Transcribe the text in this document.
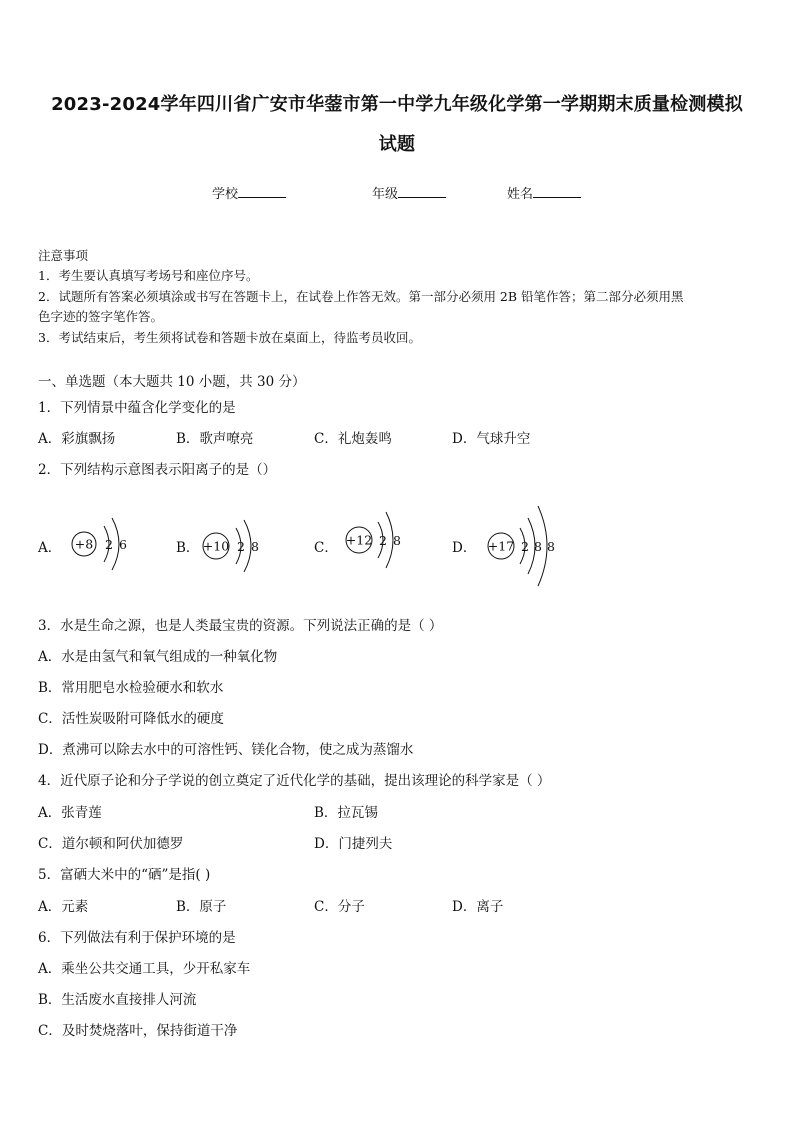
2023-2024学年四川省广安市华蓥市第一中学九年级化学第一学期期末质量检测模拟
试题
学校	年级	姓名
注意事项
1．考生要认真填写考场号和座位序号。
2．试题所有答案必须填涂或书写在答题卡上，在试卷上作答无效。第一部分必须用 2B 铅笔作答；第二部分必须用黑
色字迹的签字笔作答。
3．考试结束后，考生须将试卷和答题卡放在桌面上，待监考员收回。
一、单选题（本大题共 10 小题，共 30 分）
1．下列情景中蕴含化学变化的是
A．彩旗飘扬	B．歌声嘹亮	C．礼炮轰鸣	D．气球升空
2．下列结构示意图表示阳离子的是（）
A．	B．	C．	D．
+8 2 6	+10 2 8	+12 2 8	+17 2 8 8
3．水是生命之源，也是人类最宝贵的资源。下列说法正确的是（ ）
A．水是由氢气和氧气组成的一种氧化物
B．常用肥皂水检验硬水和软水
C．活性炭吸附可降低水的硬度
D．煮沸可以除去水中的可溶性钙、镁化合物，使之成为蒸馏水
4．近代原子论和分子学说的创立奠定了近代化学的基础，提出该理论的科学家是（ ）
A．张青莲	B．拉瓦锡
C．道尔顿和阿伏加德罗	D．门捷列夫
5．富硒大米中的“硒”是指( )
A．元素	B．原子	C．分子	D．离子
6．下列做法有利于保护环境的是
A．乘坐公共交通工具，少开私家车
B．生活废水直接排人河流
C．及时焚烧落叶，保持街道干净
